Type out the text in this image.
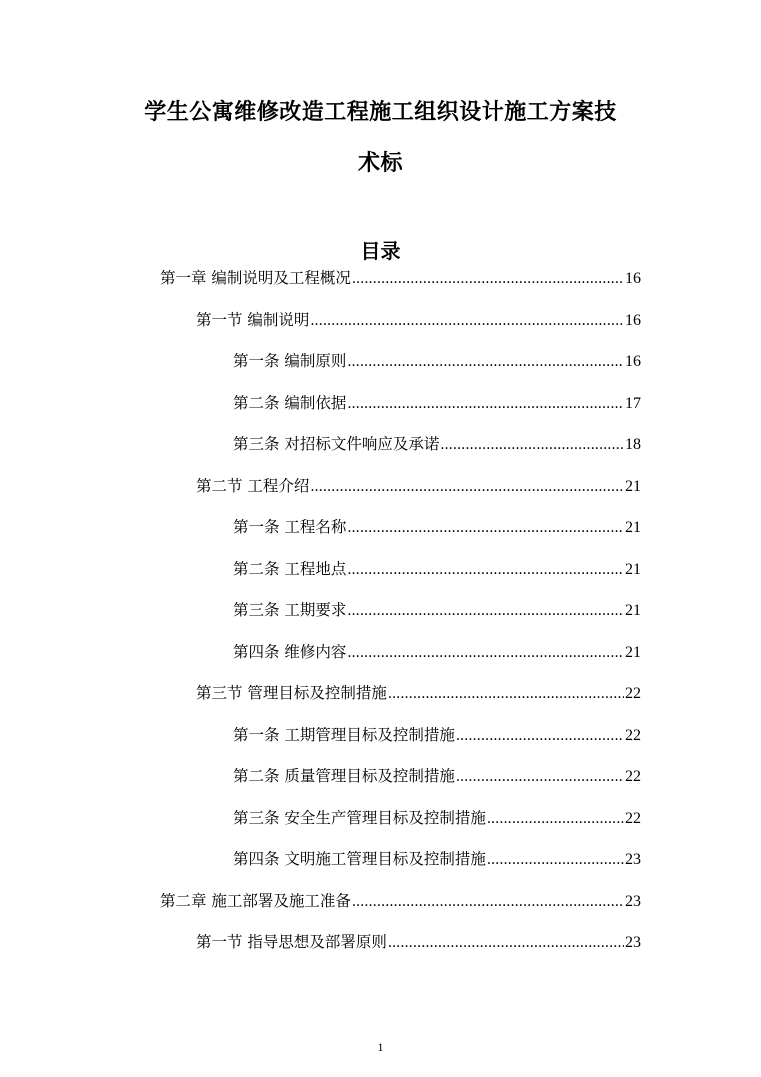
学生公寓维修改造工程施工组织设计施工方案技
术标
目录
第一章 编制说明及工程概况 .....	16
第一节 编制说明 .....	16
第一条 编制原则 .....	16
第二条 编制依据 .....	17
第三条 对招标文件响应及承诺 .....	18
第二节 工程介绍 .....	21
第一条 工程名称 .....	21
第二条 工程地点 .....	21
第三条 工期要求 .....	21
第四条 维修内容 .....	21
第三节 管理目标及控制措施 .....	22
第一条 工期管理目标及控制措施 .....	22
第二条 质量管理目标及控制措施 .....	22
第三条 安全生产管理目标及控制措施 .....	22
第四条 文明施工管理目标及控制措施 .....	23
第二章 施工部署及施工准备 .....	23
第一节 指导思想及部署原则 .....	23
1
